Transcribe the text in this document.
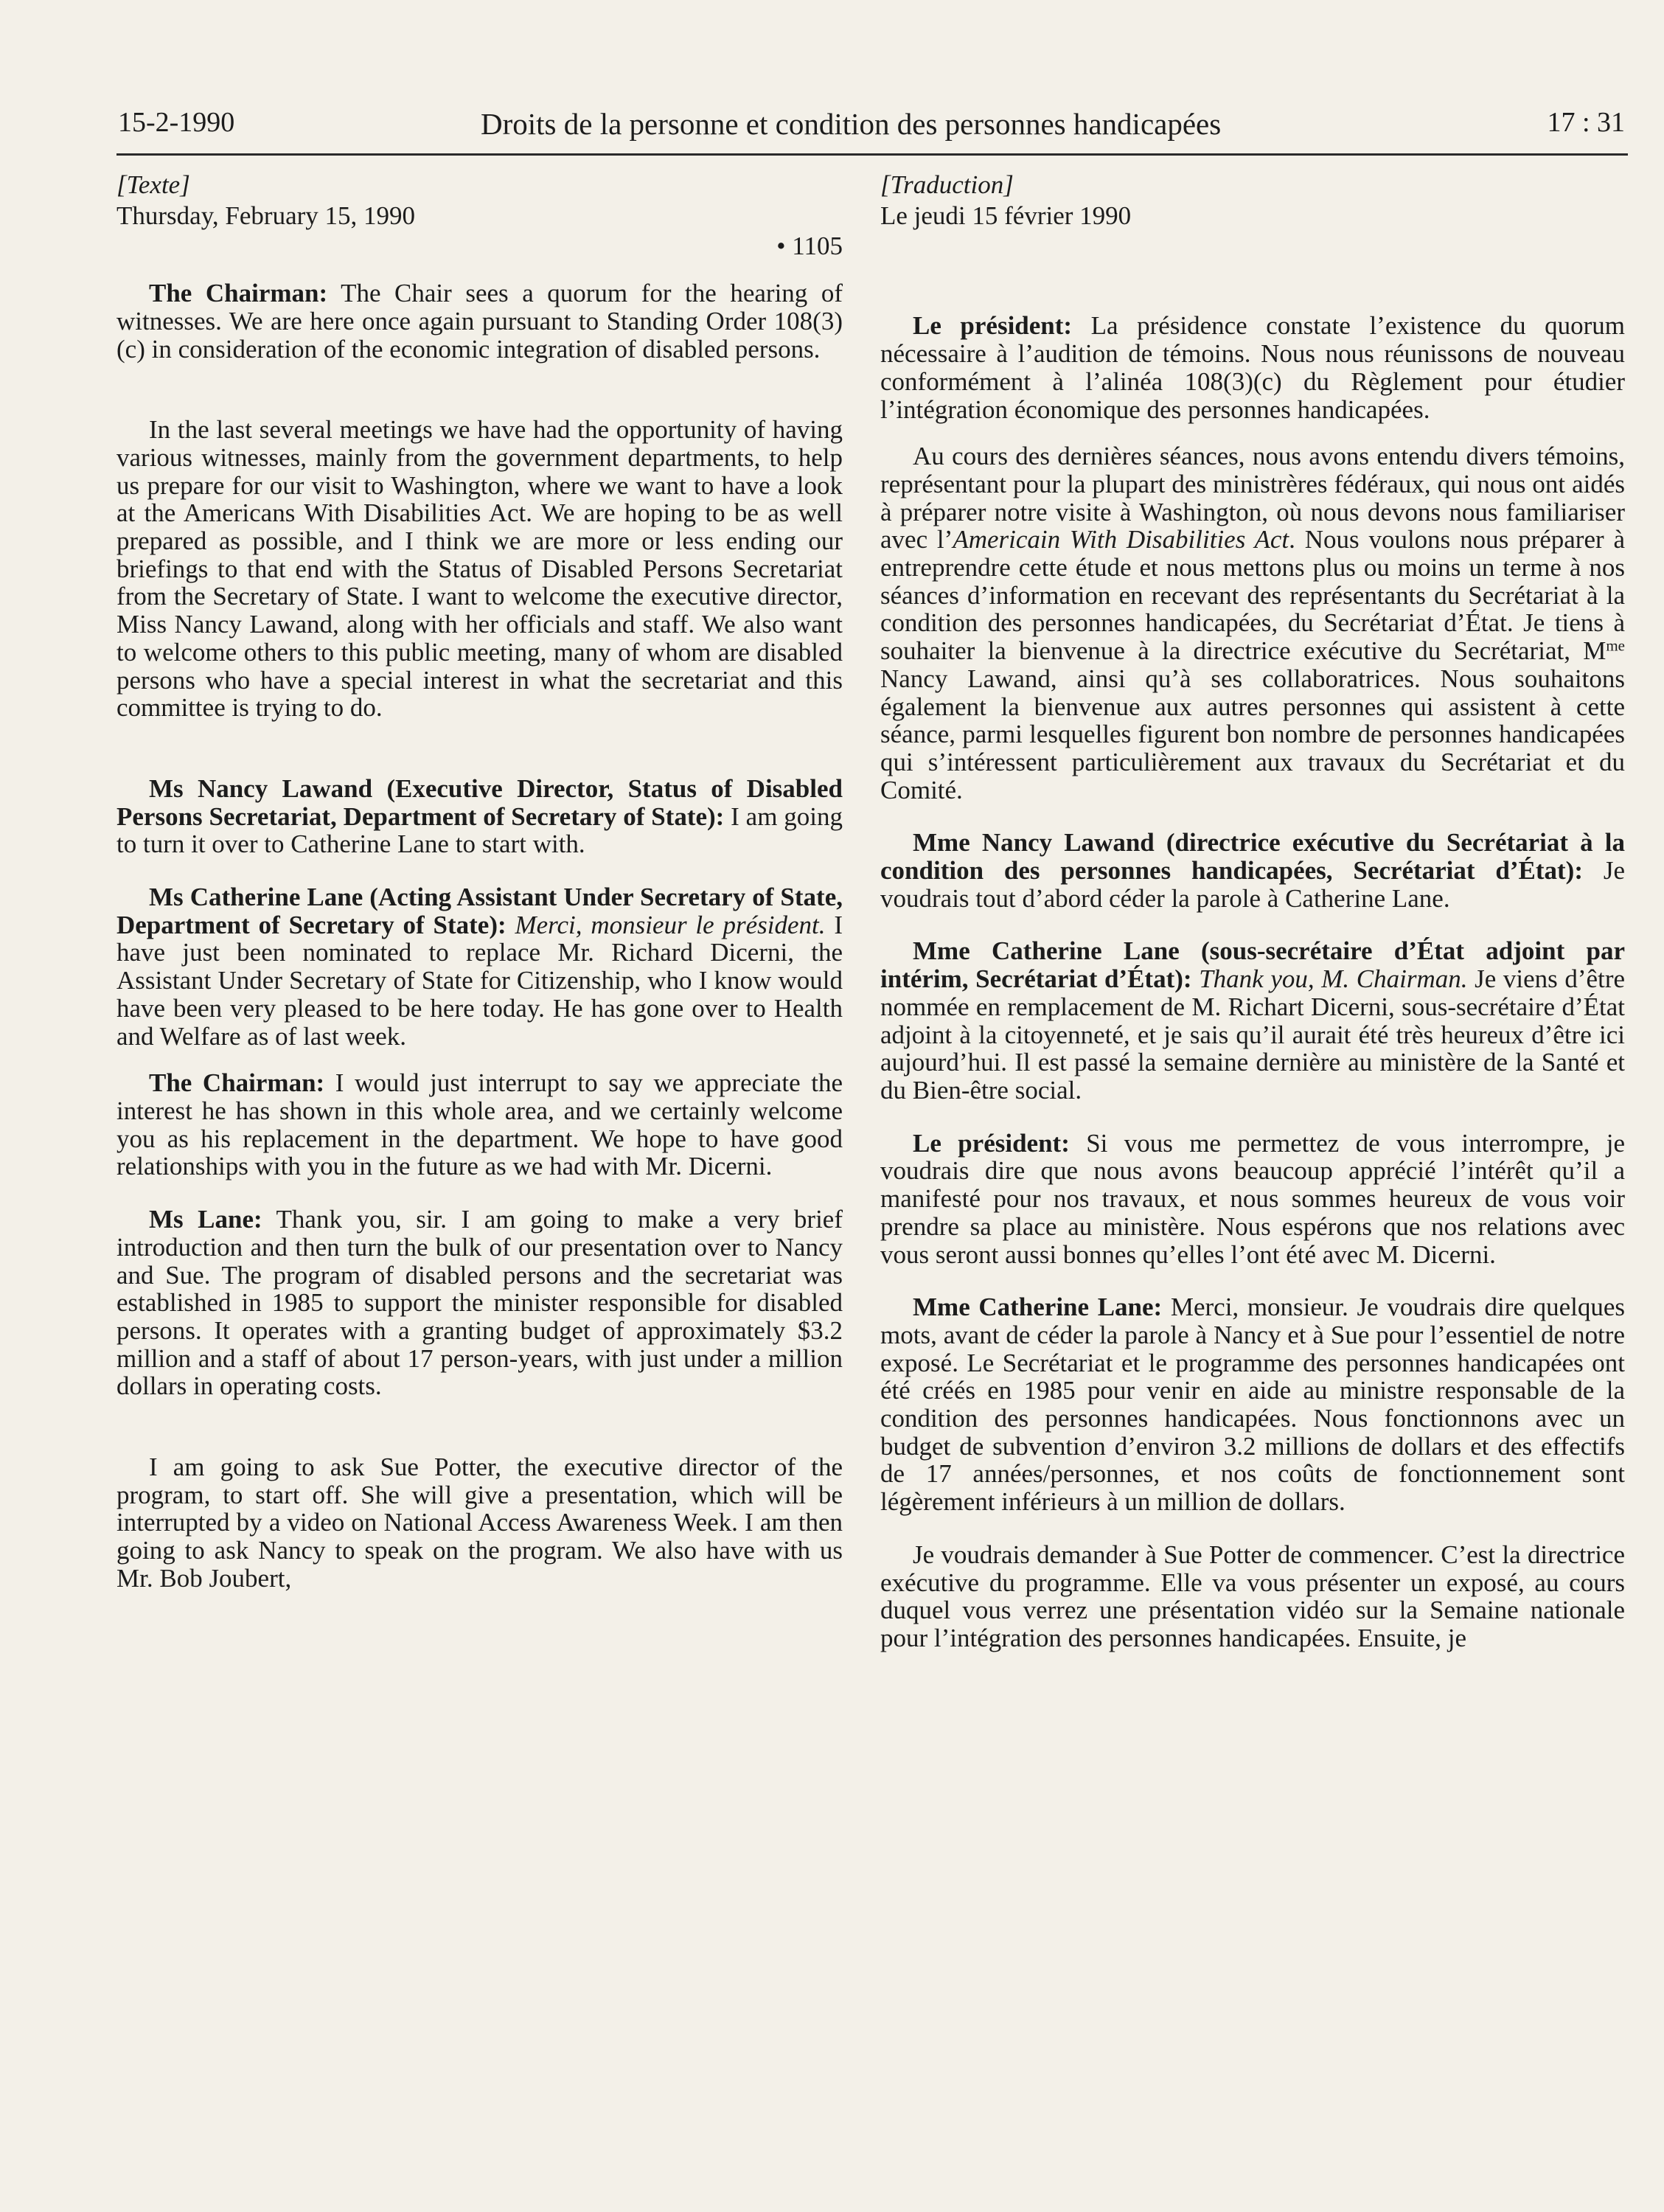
15-2-1990	Droits de la personne et condition des personnes handicapées	17 : 31

[Texte]

Thursday, February 15, 1990

• 1105

The Chairman: The Chair sees a quorum for the hearing of witnesses. We are here once again pursuant to Standing Order 108(3)(c) in consideration of the economic integration of disabled persons.

In the last several meetings we have had the opportunity of having various witnesses, mainly from the government departments, to help us prepare for our visit to Washington, where we want to have a look at the Americans With Disabilities Act. We are hoping to be as well prepared as possible, and I think we are more or less ending our briefings to that end with the Status of Disabled Persons Secretariat from the Secretary of State. I want to welcome the executive director, Miss Nancy Lawand, along with her officials and staff. We also want to welcome others to this public meeting, many of whom are disabled persons who have a special interest in what the secretariat and this committee is trying to do.

Ms Nancy Lawand (Executive Director, Status of Disabled Persons Secretariat, Department of Secretary of State): I am going to turn it over to Catherine Lane to start with.

Ms Catherine Lane (Acting Assistant Under Secretary of State, Department of Secretary of State): Merci, monsieur le président. I have just been nominated to replace Mr. Richard Dicerni, the Assistant Under Secretary of State for Citizenship, who I know would have been very pleased to be here today. He has gone over to Health and Welfare as of last week.

The Chairman: I would just interrupt to say we appreciate the interest he has shown in this whole area, and we certainly welcome you as his replacement in the department. We hope to have good relationships with you in the future as we had with Mr. Dicerni.

Ms Lane: Thank you, sir. I am going to make a very brief introduction and then turn the bulk of our presentation over to Nancy and Sue. The program of disabled persons and the secretariat was established in 1985 to support the minister responsible for disabled persons. It operates with a granting budget of approximately $3.2 million and a staff of about 17 person-years, with just under a million dollars in operating costs.

I am going to ask Sue Potter, the executive director of the program, to start off. She will give a presentation, which will be interrupted by a video on National Access Awareness Week. I am then going to ask Nancy to speak on the program. We also have with us Mr. Bob Joubert,

[Traduction]

Le jeudi 15 février 1990

Le président: La présidence constate l’existence du quorum nécessaire à l’audition de témoins. Nous nous réunissons de nouveau conformément à l’alinéa 108(3)(c) du Règlement pour étudier l’intégration économique des personnes handicapées.

Au cours des dernières séances, nous avons entendu divers témoins, représentant pour la plupart des ministrères fédéraux, qui nous ont aidés à préparer notre visite à Washington, où nous devons nous familiariser avec l’Americain With Disabilities Act. Nous voulons nous préparer à entreprendre cette étude et nous mettons plus ou moins un terme à nos séances d’information en recevant des représentants du Secrétariat à la condition des personnes handicapées, du Secrétariat d’État. Je tiens à souhaiter la bienvenue à la directrice exécutive du Secrétariat, $M^{me}$ Nancy Lawand, ainsi qu’à ses collaboratrices. Nous souhaitons également la bienvenue aux autres personnes qui assistent à cette séance, parmi lesquelles figurent bon nombre de personnes handicapées qui s’intéressent particulièrement aux travaux du Secrétariat et du Comité.

Mme Nancy Lawand (directrice exécutive du Secrétariat à la condition des personnes handicapées, Secrétariat d’État): Je voudrais tout d’abord céder la parole à Catherine Lane.

Mme Catherine Lane (sous-secrétaire d’État adjoint par intérim, Secrétariat d’État): Thank you, M. Chairman. Je viens d’être nommée en remplacement de M. Richart Dicerni, sous-secrétaire d’État adjoint à la citoyenneté, et je sais qu’il aurait été très heureux d’être ici aujourd’hui. Il est passé la semaine dernière au ministère de la Santé et du Bien-être social.

Le président: Si vous me permettez de vous interrompre, je voudrais dire que nous avons beaucoup apprécié l’intérêt qu’il a manifesté pour nos travaux, et nous sommes heureux de vous voir prendre sa place au ministère. Nous espérons que nos relations avec vous seront aussi bonnes qu’elles l’ont été avec M. Dicerni.

Mme Catherine Lane: Merci, monsieur. Je voudrais dire quelques mots, avant de céder la parole à Nancy et à Sue pour l’essentiel de notre exposé. Le Secrétariat et le programme des personnes handicapées ont été créés en 1985 pour venir en aide au ministre responsable de la condition des personnes handicapées. Nous fonctionnons avec un budget de subvention d’environ 3.2 millions de dollars et des effectifs de 17 années/personnes, et nos coûts de fonctionnement sont légèrement inférieurs à un million de dollars.

Je voudrais demander à Sue Potter de commencer. C’est la directrice exécutive du programme. Elle va vous présenter un exposé, au cours duquel vous verrez une présentation vidéo sur la Semaine nationale pour l’intégration des personnes handicapées. Ensuite, je
